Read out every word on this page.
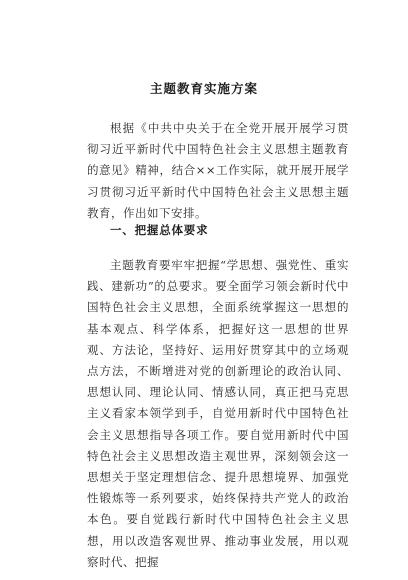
主题教育实施方案

根据《中共中央关于在全党开展开展学习贯彻习近平新时代中国特色社会主义思想主题教育的意见》精神，结合××工作实际，就开展开展学习贯彻习近平新时代中国特色社会主义思想主题教育，作出如下安排。

一、把握总体要求

主题教育要牢牢把握“学思想、强党性、重实践、建新功”的总要求。要全面学习领会新时代中国特色社会主义思想，全面系统掌握这一思想的基本观点、科学体系，把握好这一思想的世界观、方法论，坚持好、运用好贯穿其中的立场观点方法，不断增进对党的创新理论的政治认同、思想认同、理论认同、情感认同，真正把马克思主义看家本领学到手，自觉用新时代中国特色社会主义思想指导各项工作。要自觉用新时代中国特色社会主义思想改造主观世界，深刻领会这一思想关于坚定理想信念、提升思想境界、加强党性锻炼等一系列要求，始终保持共产党人的政治本色。要自觉践行新时代中国特色社会主义思想，用以改造客观世界、推动事业发展，用以观察时代、把握
